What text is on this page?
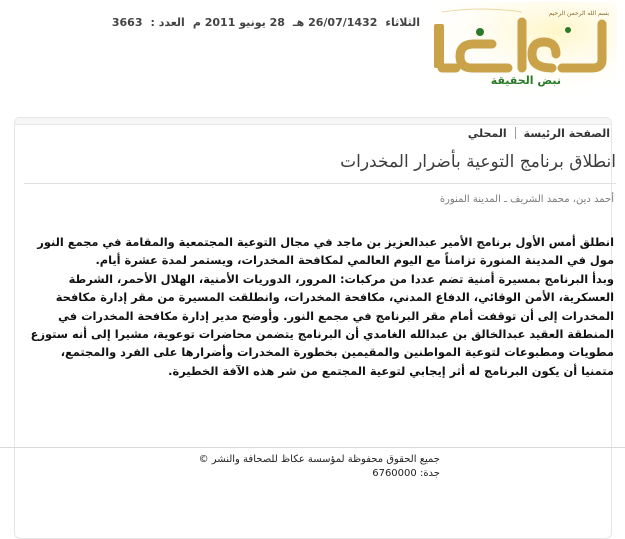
بسم الله الرحمن الرحيم
نبض الحقيقة
الثلاثاء
26/07/1432 هـ
28 يونيو 2011 م
العدد :
3663
الصفحة الرئيسة
المحلي
انطلاق برنامج التوعية بأضرار المخدرات
أحمد دين، محمد الشريف ـ المدينة المنورة

انطلق أمس الأول برنامج الأمير عبدالعزيز بن ماجد في مجال التوعية المجتمعية والمقامة في مجمع النور مول في المدينة المنورة تزامناً مع اليوم العالمي لمكافحة المخدرات، ويستمر لمدة عشرة أيام.

وبدأ البرنامج بمسيرة أمنية تضم عددا من مركبات: المرور، الدوريات الأمنية، الهلال الأحمر، الشرطة العسكرية، الأمن الوقائي، الدفاع المدني، مكافحة المخدرات، وانطلقت المسيرة من مقر إدارة مكافحة المخدرات إلى أن توقفت أمام مقر البرنامج في مجمع النور. وأوضح مدير إدارة مكافحة المخدرات في المنطقة العقيد عبدالخالق بن عبدالله الغامدي أن البرنامج يتضمن محاضرات توعوية، مشيرا إلى أنه ستوزع مطويات ومطبوعات لتوعية المواطنين والمقيمين بخطورة المخدرات وأضرارها على الفرد والمجتمع، متمنيا أن يكون البرنامج له أثر إيجابي لتوعية المجتمع من شر هذه الآفة الخطيرة.

جميع الحقوق محفوظة لمؤسسة عكاظ للصحافة والنشر ©
جدة: 6760000
